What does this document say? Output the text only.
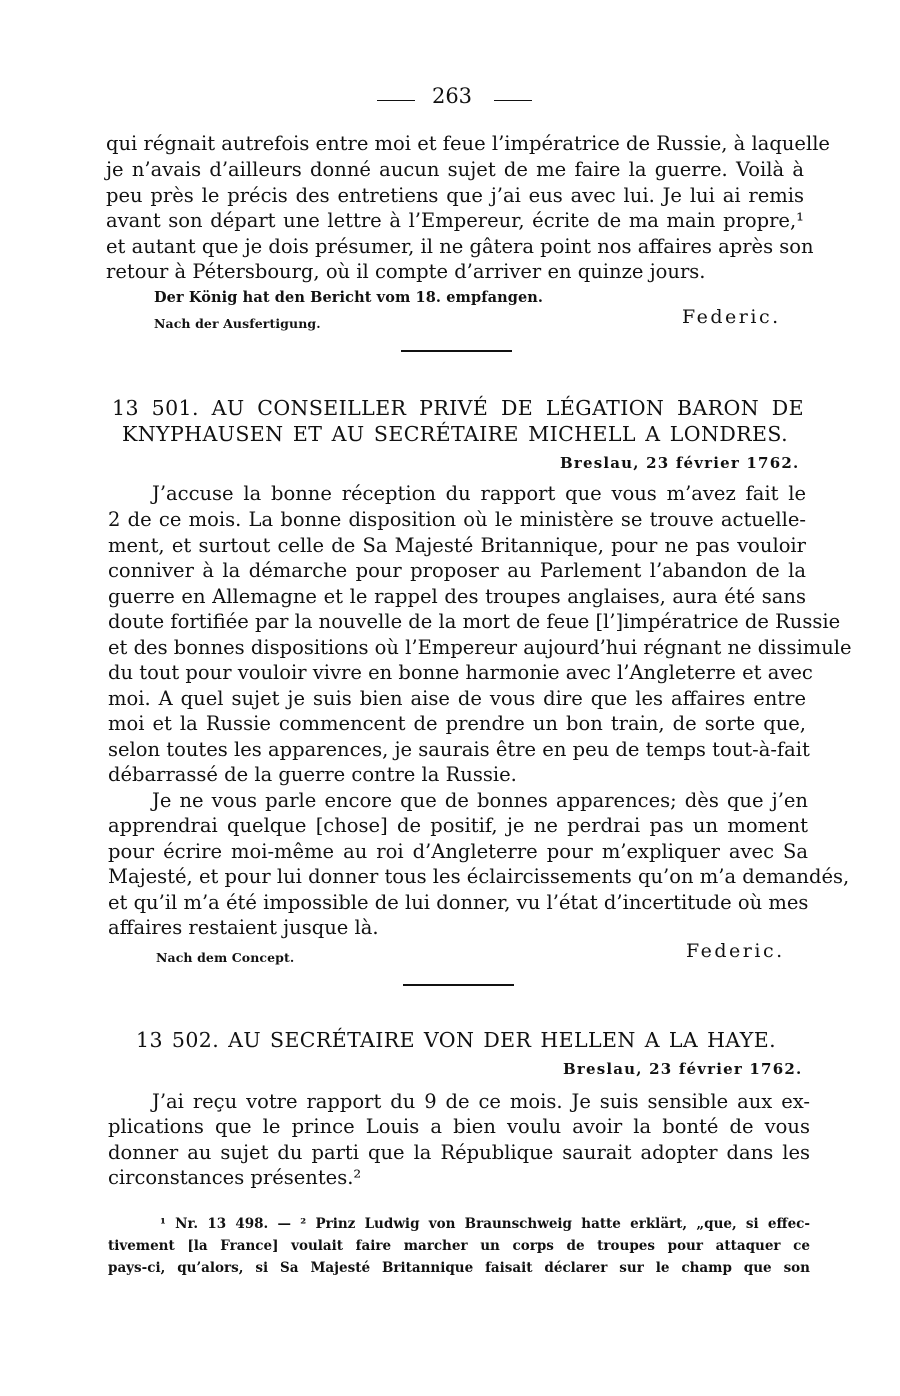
263
qui régnait autrefois entre moi et feue l’impératrice de Russie, à laquelle
je n’avais d’ailleurs donné aucun sujet de me faire la guerre. Voilà à
peu près le précis des entretiens que j’ai eus avec lui. Je lui ai remis
avant son départ une lettre à l’Empereur, écrite de ma main propre,¹
et autant que je dois présumer, il ne gâtera point nos affaires après son
retour à Pétersbourg, où il compte d’arriver en quinze jours.
Der König hat den Bericht vom 18. empfangen.
Nach der Ausfertigung.	Federic.
13 501. AU CONSEILLER PRIVÉ DE LÉGATION BARON DE
KNYPHAUSEN ET AU SECRÉTAIRE MICHELL A LONDRES.
Breslau, 23 février 1762.
J’accuse la bonne réception du rapport que vous m’avez fait le
2 de ce mois. La bonne disposition où le ministère se trouve actuelle-
ment, et surtout celle de Sa Majesté Britannique, pour ne pas vouloir
conniver à la démarche pour proposer au Parlement l’abandon de la
guerre en Allemagne et le rappel des troupes anglaises, aura été sans
doute fortifiée par la nouvelle de la mort de feue [l’]impératrice de Russie
et des bonnes dispositions où l’Empereur aujourd’hui régnant ne dissimule
du tout pour vouloir vivre en bonne harmonie avec l’Angleterre et avec
moi. A quel sujet je suis bien aise de vous dire que les affaires entre
moi et la Russie commencent de prendre un bon train, de sorte que,
selon toutes les apparences, je saurais être en peu de temps tout-à-fait
débarrassé de la guerre contre la Russie.
Je ne vous parle encore que de bonnes apparences; dès que j’en
apprendrai quelque [chose] de positif, je ne perdrai pas un moment
pour écrire moi-même au roi d’Angleterre pour m’expliquer avec Sa
Majesté, et pour lui donner tous les éclaircissements qu’on m’a demandés,
et qu’il m’a été impossible de lui donner, vu l’état d’incertitude où mes
affaires restaient jusque là.
Nach dem Concept.	Federic.
13 502. AU SECRÉTAIRE VON DER HELLEN A LA HAYE.
Breslau, 23 février 1762.
J’ai reçu votre rapport du 9 de ce mois. Je suis sensible aux ex-
plications que le prince Louis a bien voulu avoir la bonté de vous
donner au sujet du parti que la République saurait adopter dans les
circonstances présentes.²
¹ Nr. 13 498. — ² Prinz Ludwig von Braunschweig hatte erklärt, „que, si effec-
tivement [la France] voulait faire marcher un corps de troupes pour attaquer ce
pays-ci, qu’alors, si Sa Majesté Britannique faisait déclarer sur le champ que son
